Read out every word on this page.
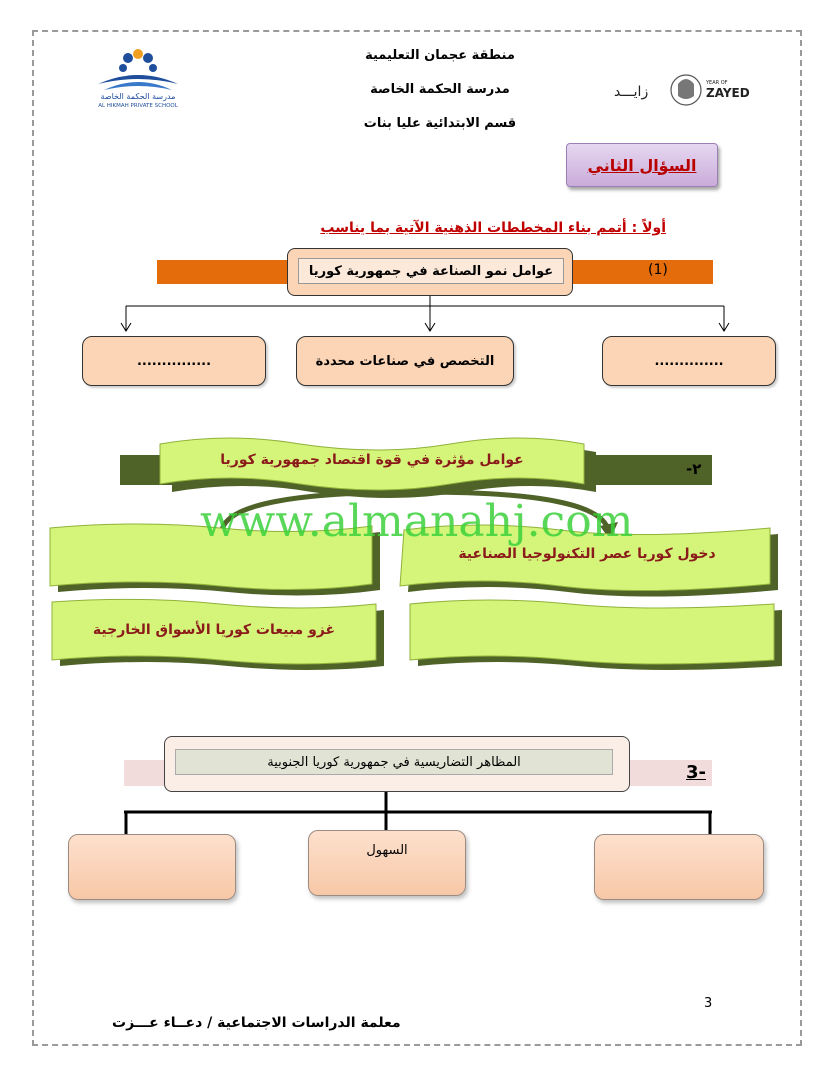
مدرسة الحكمة الخاصة
AL HIKMAH PRIVATE SCHOOL
زايـــد
YEAR OF
ZAYED
منطقة عجمان التعليمية
مدرسة الحكمة الخاصة
قسم الابتدائية عليا بنات
السؤال الثاني
أولاً : أتمم بناء المخططات الذهنية الآتية بما يناسب
(1)
عوامل نمو الصناعة في جمهورية كوريا
...............	التخصص في صناعات محددة	..............
-٢
عوامل مؤثرة في قوة اقتصاد جمهورية كوريا
دخول كوريا عصر التكنولوجيا الصناعية
غزو مبيعات كوريا الأسواق الخارجية
www.almanahj.com
3-
المظاهر التضاريسية في جمهورية كوريا الجنوبية
السهول
3
معلمة الدراسات الاجتماعية / دعــاء عـــزت
